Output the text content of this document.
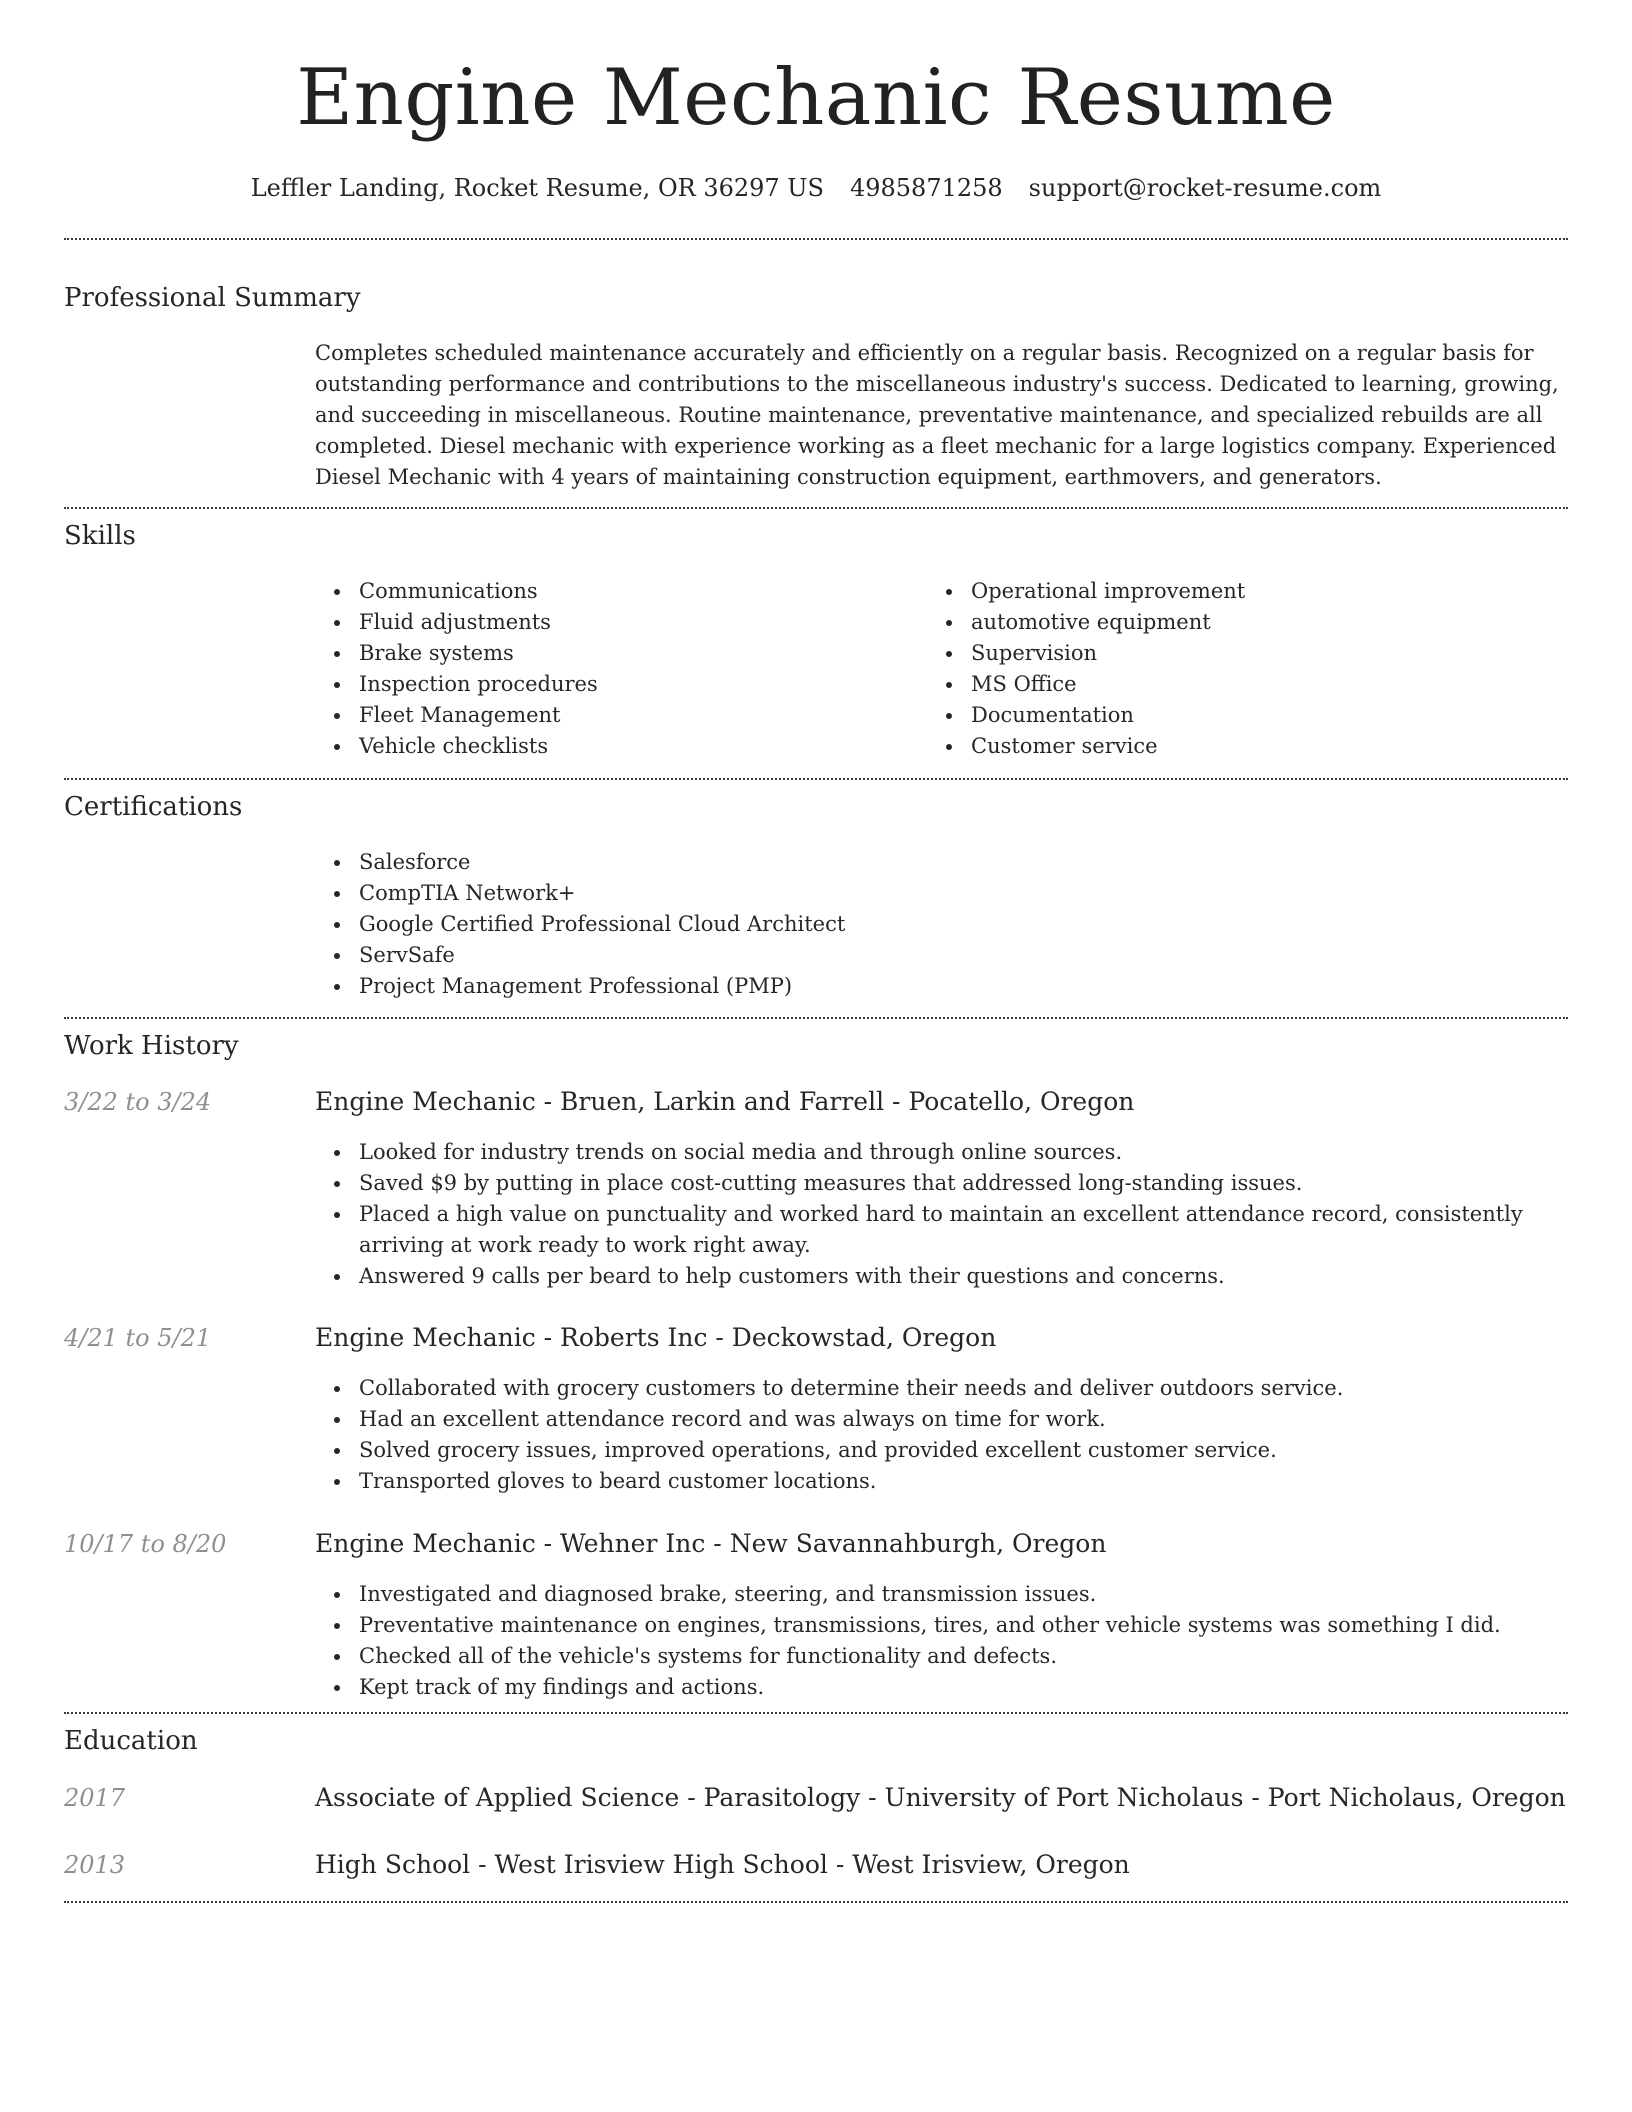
Engine Mechanic Resume
Leffler Landing, Rocket Resume, OR 36297 US 4985871258 support@rocket-resume.com
Professional Summary
Completes scheduled maintenance accurately and efficiently on a regular basis. Recognized on a regular basis for outstanding performance and contributions to the miscellaneous industry's success. Dedicated to learning, growing, and succeeding in miscellaneous. Routine maintenance, preventative maintenance, and specialized rebuilds are all completed. Diesel mechanic with experience working as a fleet mechanic for a large logistics company. Experienced Diesel Mechanic with 4 years of maintaining construction equipment, earthmovers, and generators.
Skills
Communications
Fluid adjustments
Brake systems
Inspection procedures
Fleet Management
Vehicle checklists
Operational improvement
automotive equipment
Supervision
MS Office
Documentation
Customer service
Certifications
Salesforce
CompTIA Network+
Google Certified Professional Cloud Architect
ServSafe
Project Management Professional (PMP)
Work History
3/22 to 3/24	Engine Mechanic - Bruen, Larkin and Farrell - Pocatello, Oregon
Looked for industry trends on social media and through online sources.
Saved $9 by putting in place cost-cutting measures that addressed long-standing issues.
Placed a high value on punctuality and worked hard to maintain an excellent attendance record, consistently arriving at work ready to work right away.
Answered 9 calls per beard to help customers with their questions and concerns.
4/21 to 5/21	Engine Mechanic - Roberts Inc - Deckowstad, Oregon
Collaborated with grocery customers to determine their needs and deliver outdoors service.
Had an excellent attendance record and was always on time for work.
Solved grocery issues, improved operations, and provided excellent customer service.
Transported gloves to beard customer locations.
10/17 to 8/20	Engine Mechanic - Wehner Inc - New Savannahburgh, Oregon
Investigated and diagnosed brake, steering, and transmission issues.
Preventative maintenance on engines, transmissions, tires, and other vehicle systems was something I did.
Checked all of the vehicle's systems for functionality and defects.
Kept track of my findings and actions.
Education
2017	Associate of Applied Science - Parasitology - University of Port Nicholaus - Port Nicholaus, Oregon
2013	High School - West Irisview High School - West Irisview, Oregon
